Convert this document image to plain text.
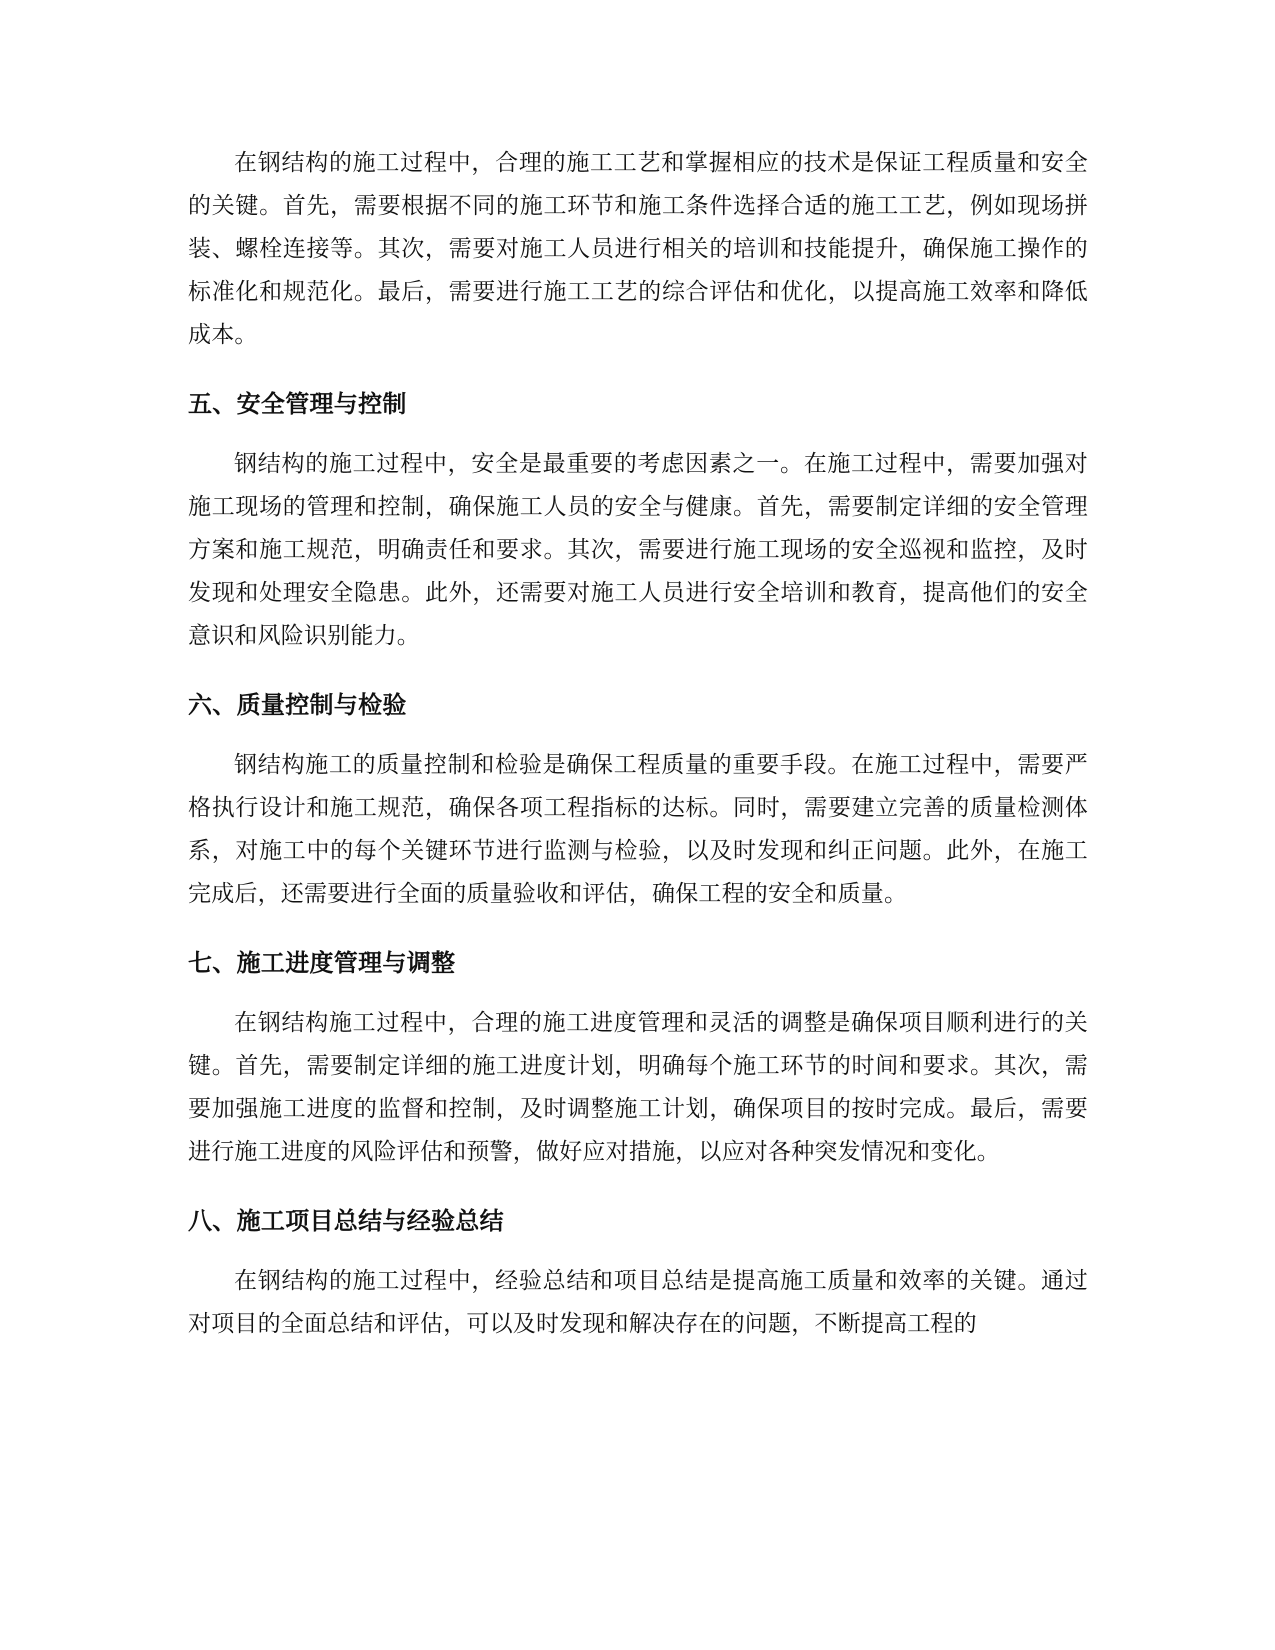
在钢结构的施工过程中，合理的施工工艺和掌握相应的技术是保证工程质量和安全的关键。首先，需要根据不同的施工环节和施工条件选择合适的施工工艺，例如现场拼装、螺栓连接等。其次，需要对施工人员进行相关的培训和技能提升，确保施工操作的标准化和规范化。最后，需要进行施工工艺的综合评估和优化，以提高施工效率和降低成本。

五、安全管理与控制

钢结构的施工过程中，安全是最重要的考虑因素之一。在施工过程中，需要加强对施工现场的管理和控制，确保施工人员的安全与健康。首先，需要制定详细的安全管理方案和施工规范，明确责任和要求。其次，需要进行施工现场的安全巡视和监控，及时发现和处理安全隐患。此外，还需要对施工人员进行安全培训和教育，提高他们的安全意识和风险识别能力。

六、质量控制与检验

钢结构施工的质量控制和检验是确保工程质量的重要手段。在施工过程中，需要严格执行设计和施工规范，确保各项工程指标的达标。同时，需要建立完善的质量检测体系，对施工中的每个关键环节进行监测与检验，以及时发现和纠正问题。此外，在施工完成后，还需要进行全面的质量验收和评估，确保工程的安全和质量。

七、施工进度管理与调整

在钢结构施工过程中，合理的施工进度管理和灵活的调整是确保项目顺利进行的关键。首先，需要制定详细的施工进度计划，明确每个施工环节的时间和要求。其次，需要加强施工进度的监督和控制，及时调整施工计划，确保项目的按时完成。最后，需要进行施工进度的风险评估和预警，做好应对措施，以应对各种突发情况和变化。

八、施工项目总结与经验总结

在钢结构的施工过程中，经验总结和项目总结是提高施工质量和效率的关键。通过对项目的全面总结和评估，可以及时发现和解决存在的问题，不断提高工程的
